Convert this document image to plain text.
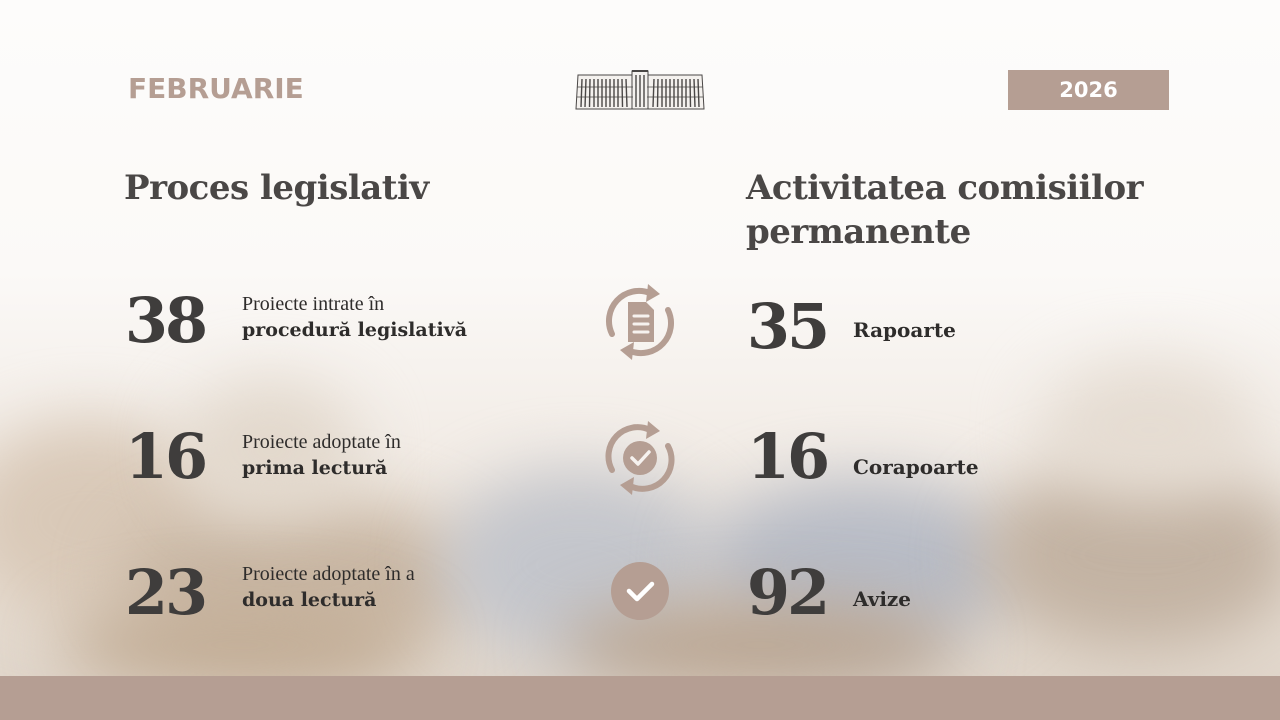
FEBRUARIE	2026
Proces legislativ
38 Proiecte intrate în
procedură legislativă
16 Proiecte adoptate în
prima lectură
23 Proiecte adoptate în a
doua lectură
Activitatea comisiilor
permanente
35 Rapoarte
16 Corapoarte
92 Avize
